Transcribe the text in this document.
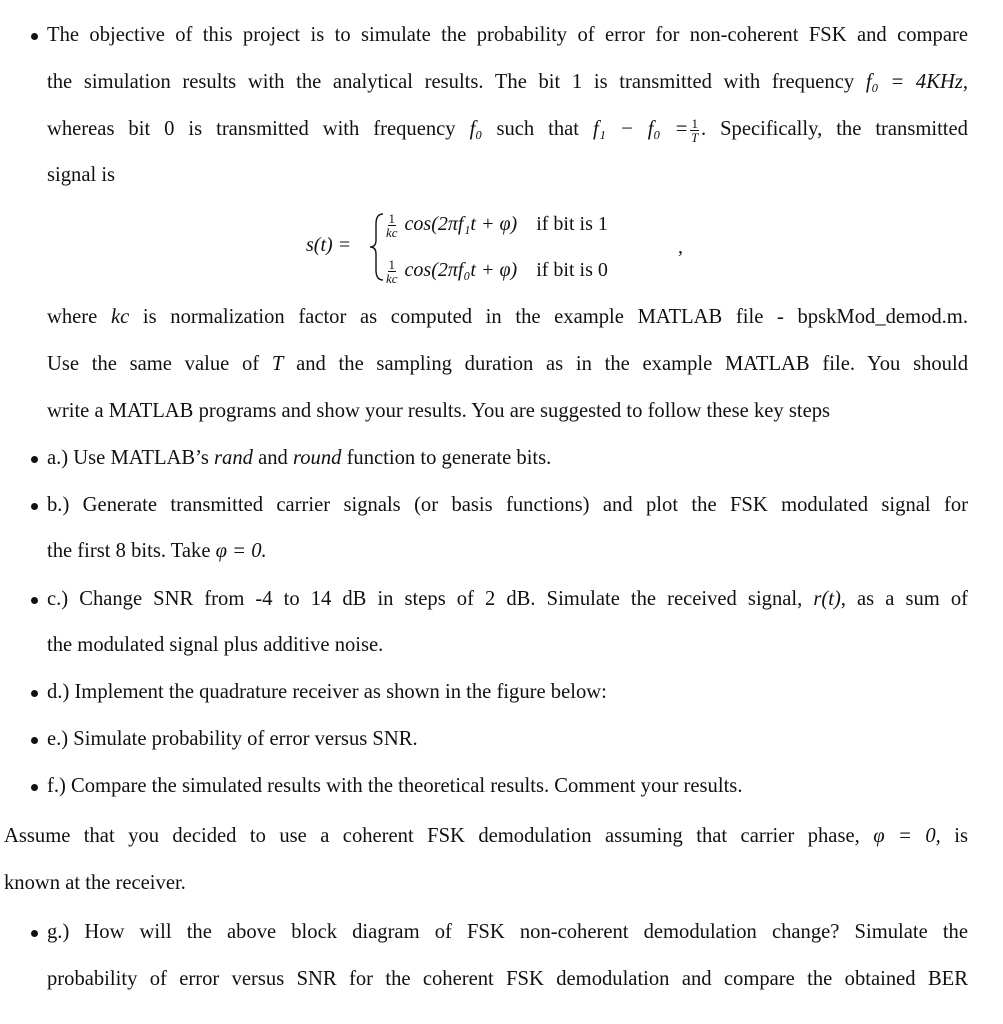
The objective of this project is to simulate the probability of error for non-coherent FSK and compare
the simulation results with the analytical results. The bit 1 is transmitted with frequency f₀ = 4KHz,
whereas bit 0 is transmitted with frequency f₀ such that $f_1 - f_0 = \frac{1}{T}$ . Specifically, the transmitted
signal is
s(t) =
$\frac{1}{kc} \cos(2\pi f_1t + \varphi)$ if bit is 1
$\frac{1}{kc} \cos(2\pi f_0t + \varphi)$ if bit is 0
,
where kc is normalization factor as computed in the example MATLAB file - bpskMod_demod.m.
Use the same value of T and the sampling duration as in the example MATLAB file. You should
write a MATLAB programs and show your results. You are suggested to follow these key steps
a.) Use MATLAB’s rand and round function to generate bits.
b.) Generate transmitted carrier signals (or basis functions) and plot the FSK modulated signal for
the first 8 bits. Take φ = 0.
c.) Change SNR from -4 to 14 dB in steps of 2 dB. Simulate the received signal, r(t), as a sum of
the modulated signal plus additive noise.
d.) Implement the quadrature receiver as shown in the figure below:
e.) Simulate probability of error versus SNR.
f.) Compare the simulated results with the theoretical results. Comment your results.
Assume that you decided to use a coherent FSK demodulation assuming that carrier phase, φ = 0, is
known at the receiver.
g.) How will the above block diagram of FSK non-coherent demodulation change? Simulate the
probability of error versus SNR for the coherent FSK demodulation and compare the obtained BER
